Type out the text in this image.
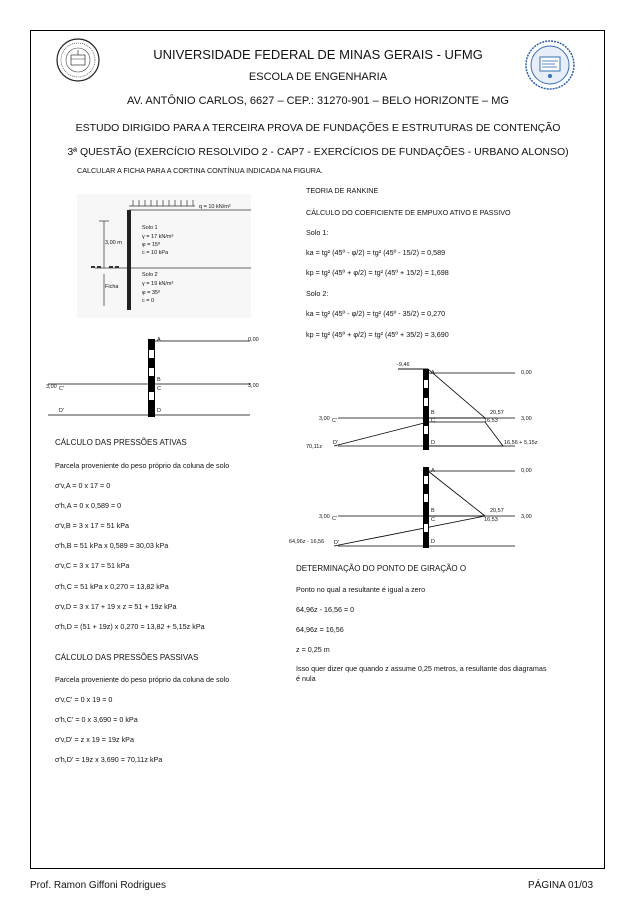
UNIVERSIDADE FEDERAL DE MINAS GERAIS - UFMG
ESCOLA DE ENGENHARIA
AV. ANTÔNIO CARLOS, 6627 – CEP.: 31270-901 – BELO HORIZONTE – MG
ESTUDO DIRIGIDO PARA A TERCEIRA PROVA DE FUNDAÇÕES E ESTRUTURAS DE CONTENÇÃO
3ª QUESTÃO (EXERCÍCIO RESOLVIDO 2 - CAP7 - EXERCÍCIOS DE FUNDAÇÕES - URBANO ALONSO)
CALCULAR A FICHA PARA A CORTINA CONTÍNUA INDICADA NA FIGURA.
q = 10 kN/m²
3,00 m
Ficha
Solo 1
γ = 17 kN/m³
φ = 15º
c = 10 kPa
Solo 2
γ = 19 kN/m³
φ = 35º
c = 0
A	0,00
B
C
3,00 C'	3,00
D'	D
CÁLCULO DAS PRESSÕES ATIVAS
Parcela proveniente do peso próprio da coluna de solo
σ'v,A = 0 x 17 = 0
σ'h,A = 0 x 0,589 = 0
σ'v,B = 3 x 17 = 51 kPa
σ'h,B = 51 kPa x 0,589 = 30,03 kPa
σ'v,C = 3 x 17 = 51 kPa
σ'h,C = 51 kPa x 0,270 = 13,82 kPa
σ'v,D = 3 x 17 + 19 x z = 51 + 19z kPa
σ'h,D = (51 + 19z) x 0,270 = 13,82 + 5,15z kPa
CÁLCULO DAS PRESSÕES PASSIVAS
Parcela proveniente do peso próprio da coluna de solo
σ'v,C' = 0 x 19 = 0
σ'h,C' = 0 x 3,690 = 0 kPa
σ'v,D' = z x 19 = 19z kPa
σ'h,D' = 19z x 3,690 = 70,11z kPa
TEORIA DE RANKINE
CÁLCULO DO COEFICIENTE DE EMPUXO ATIVO E PASSIVO
Solo 1:
ka = tg² (45º - φ/2) = tg² (45º - 15/2) = 0,589
kp = tg² (45º + φ/2) = tg² (45º + 15/2) = 1,698
Solo 2:
ka = tg² (45º - φ/2) = tg² (45º - 35/2) = 0,270
kp = tg² (45º + φ/2) = tg² (45º + 35/2) = 3,690
-9,46
A	0,00
B
C
3,00 C'
20,57
16,53	3,00
70,11z
D'	D	16,56 + 5,15z
A	0,00
B
C
3,00 C'
20,57
16,53	3,00
64,96z - 16,56 D'	D
DETERMINAÇÃO DO PONTO DE GIRAÇÃO O
Ponto no qual a resultante é igual a zero
64,96z - 16,56 = 0
64,96z = 16,56
z = 0,25 m
Isso quer dizer que quando z assume 0,25 metros, a resultante dos diagramas
é nula
Prof. Ramon Giffoni Rodrigues	PÁGINA 01/03
